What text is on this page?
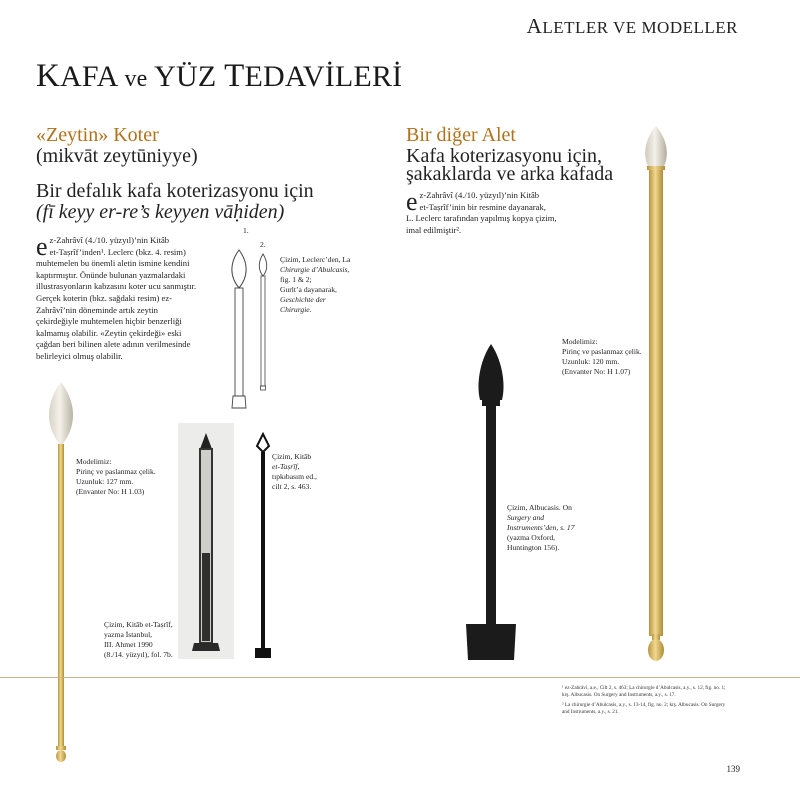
ALETLER VE MODELLER
KAFA ve YÜZ TEDAVİLERİ
«Zeytin» Koter
(mikvāt zeytūniyye)
Bir defalık kafa koterizasyonu için
(fī keyy er-re’s keyyen vāḥiden)
e z-Zahrâvî (4./10. yüzyıl)’nin Kitâb
et-Taṣrîf’inden¹. Leclerc (bkz. 4. resim)
muhtemelen bu önemli aletin ismine kendini
kaptırmıştır. Önünde bulunan yazmalardaki
illustrasyonların kabzasını koter ucu sanmıştır.
Gerçek koterin (bkz. sağdaki resim) ez-
Zahrâvî’nin döneminde artık zeytin
çekirdeğiyle muhtemelen hiçbir benzerliği
kalmamış olabilir. «Zeytin çekirdeği» eski
çağdan beri bilinen alete adının verilmesinde
belirleyici olmuş olabilir.
1.
2.
Çizim, Leclerc’den, La
Chirurgie d’Abulcasis,
fig. 1 & 2;
Gurlt’a dayanarak,
Geschichte der
Chirurgie.
Modelimiz:
Pirinç ve paslanmaz çelik.
Uzunluk: 127 mm.
(Envanter No: H 1.03)
Çizim, Kitāb
et-Taṣrīf,
tıpkıbasım ed.,
cilt 2, s. 463.
Çizim, Kitāb et-Taṣrīf,
yazma İstanbul,
III. Ahmet 1990
(8./14. yüzyıl), fol. 7b.
Bir diğer Alet
Kafa koterizasyonu için,
şakaklarda ve arka kafada
e z-Zahrâvî (4./10. yüzyıl)’nin Kitâb
et-Taṣrîf’inin bir resmine dayanarak,
L. Leclerc tarafından yapılmış kopya çizim,
imal edilmiştir².
Modelimiz:
Pirinç ve paslanmaz çelik.
Uzunluk: 120 mm.
(Envanter No: H 1.07)
Çizim, Albucasis. On
Surgery and
Instruments’den, s. 17
(yazma Oxford,
Huntington 156).
¹ ez-Zahrâvî, a.e., Cilt 2, s. 463; La chirurgie d’Abulcasis, a.y., s. 12, fig. no. 1;
krş. Albucasis. On Surgery and Instruments, a.y., s. 17.
² La chirurgie d’Abulcasis, a.y., s. 13-14, fig. no. 2; krş. Albucasis. On Surgery
and Instruments, a.y., s. 21.
139
